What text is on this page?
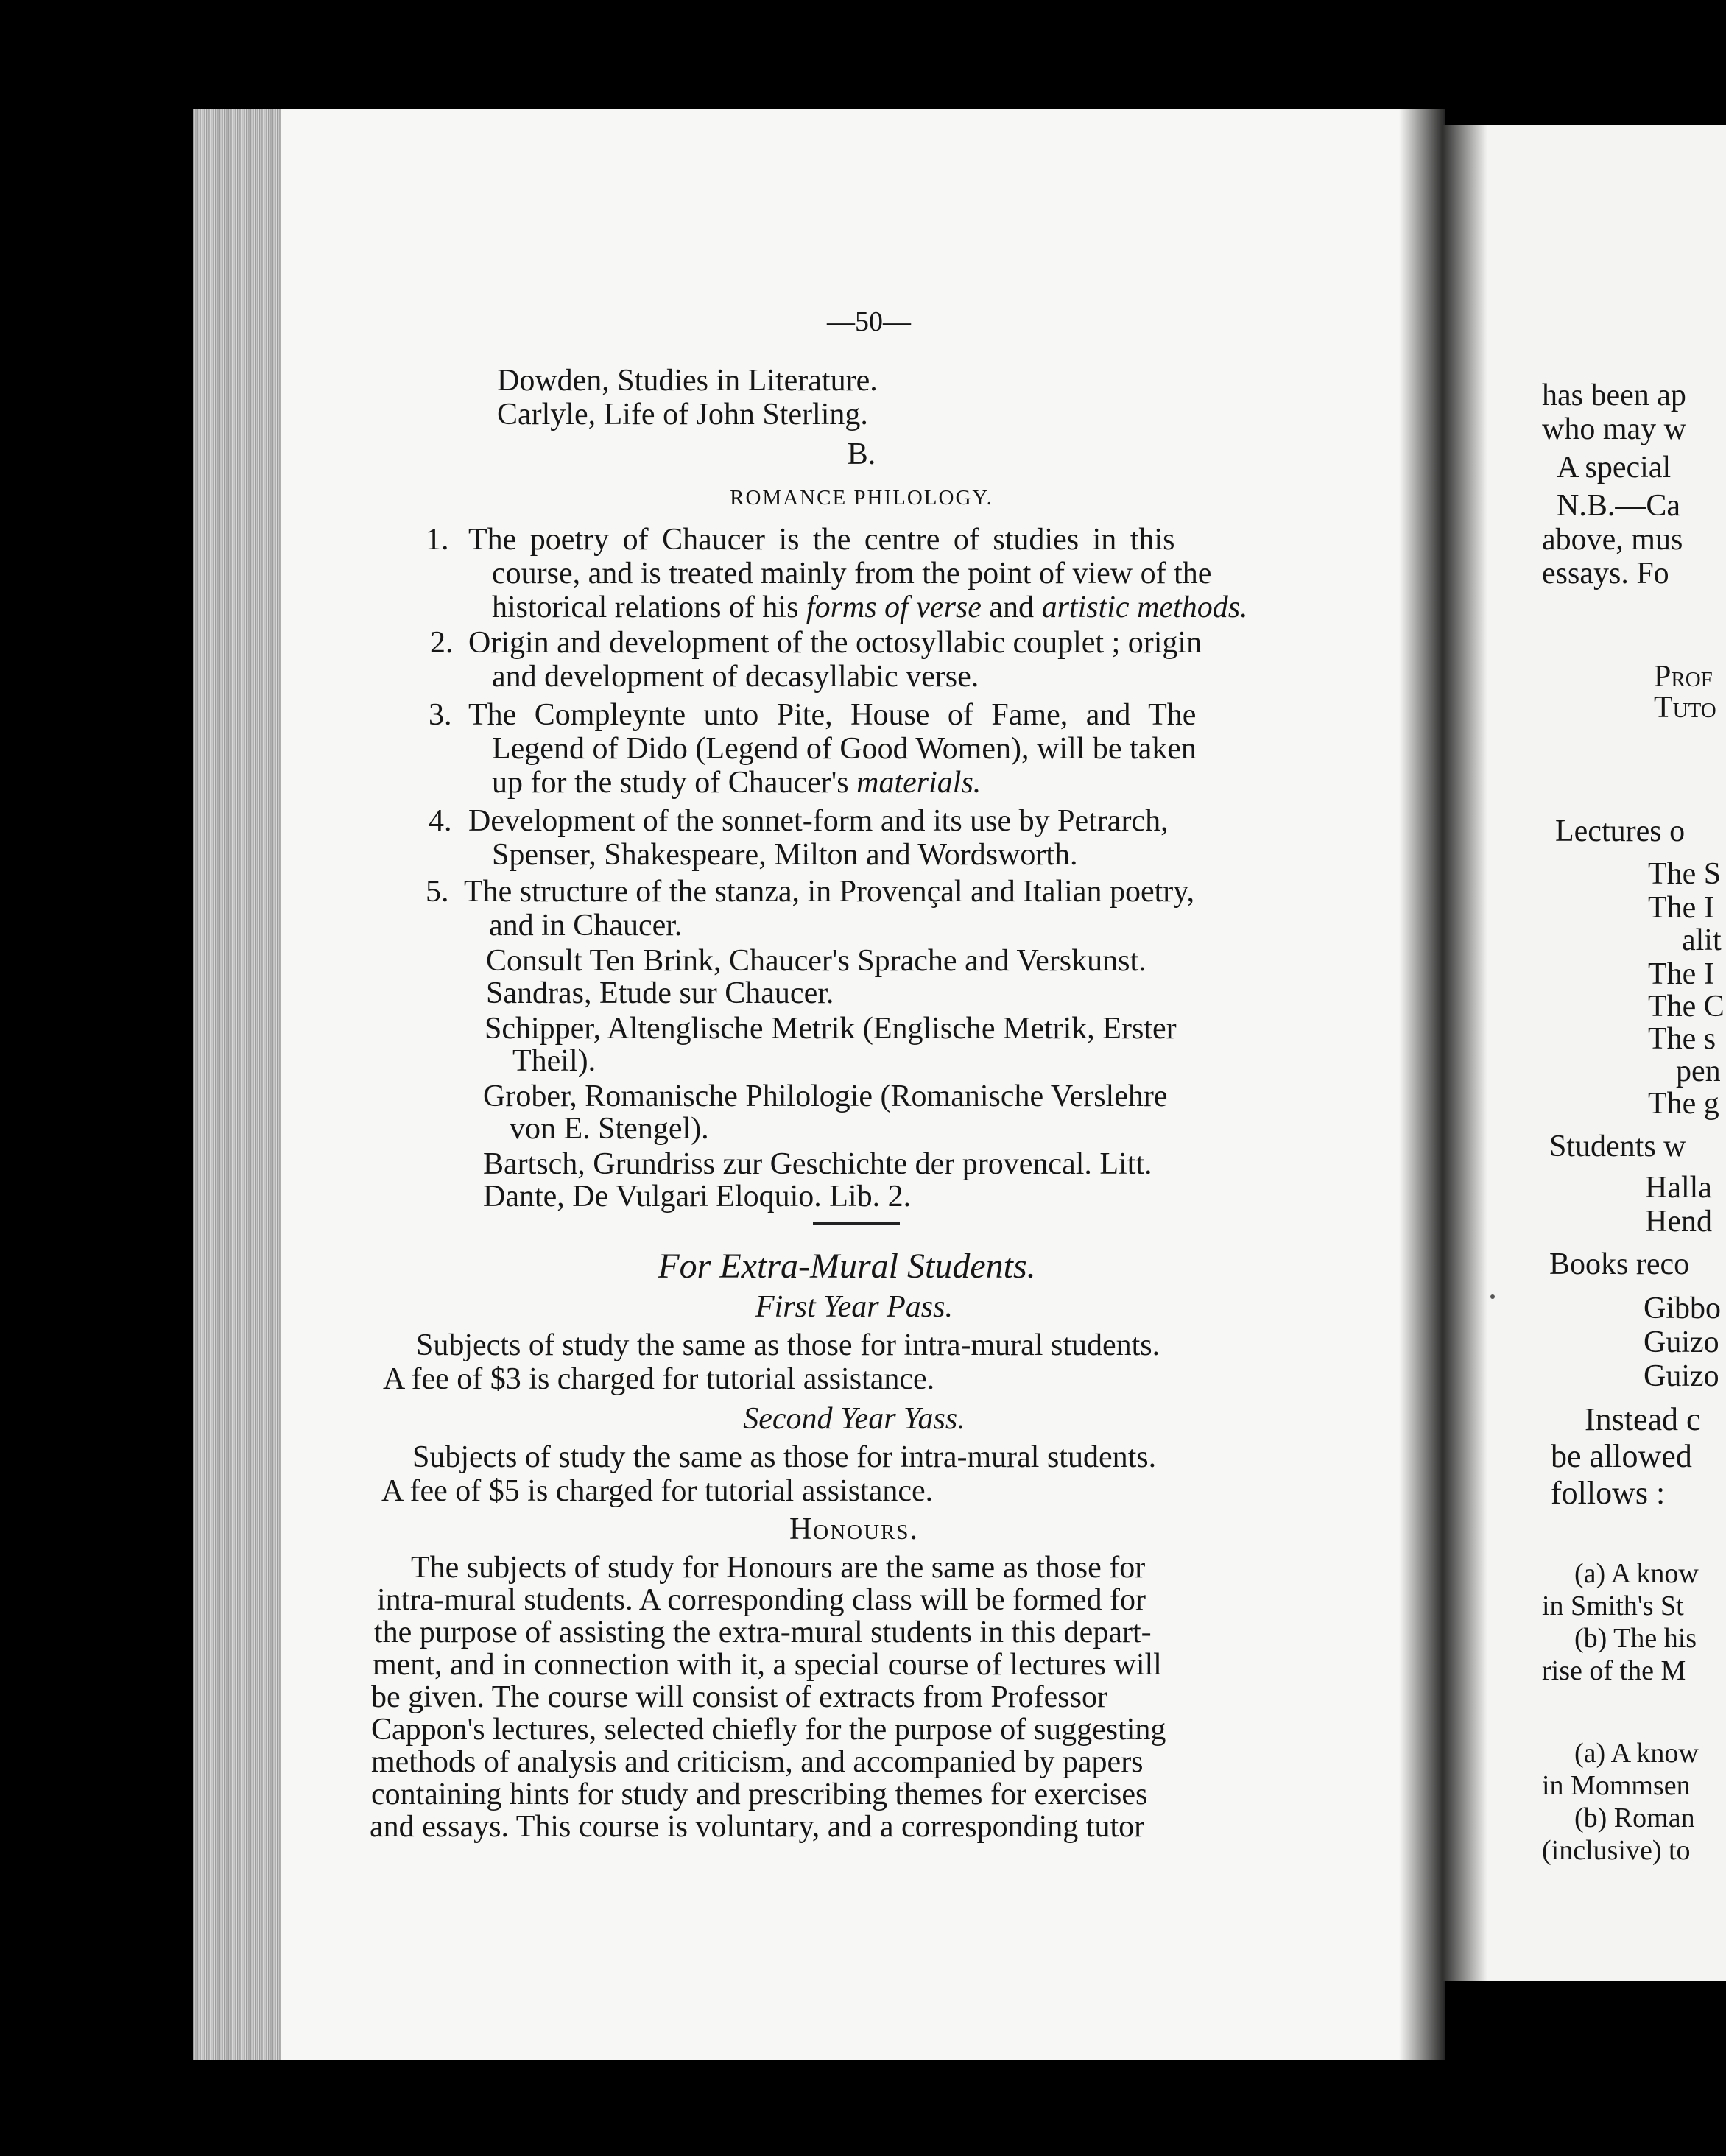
—50—
Dowden, Studies in Literature.
Carlyle, Life of John Sterling.
B.
ROMANCE PHILOLOGY.
1. The poetry of Chaucer is the centre of studies in this
course, and is treated mainly from the point of view of the
historical relations of his forms of verse and artistic methods.
2. Origin and development of the octosyllabic couplet ; origin
and development of decasyllabic verse.
3. The Compleynte unto Pite, House of Fame, and The
Legend of Dido (Legend of Good Women), will be taken
up for the study of Chaucer's materials.
4. Development of the sonnet-form and its use by Petrarch,
Spenser, Shakespeare, Milton and Wordsworth.
5. The structure of the stanza, in Provençal and Italian poetry,
and in Chaucer.
Consult Ten Brink, Chaucer's Sprache and Verskunst.
Sandras, Etude sur Chaucer.
Schipper, Altenglische Metrik (Englische Metrik, Erster
Theil).
Grober, Romanische Philologie (Romanische Verslehre
von E. Stengel).
Bartsch, Grundriss zur Geschichte der provencal. Litt.
Dante, De Vulgari Eloquio. Lib. 2.
For Extra-Mural Students.
First Year Pass.
Subjects of study the same as those for intra-mural students.
A fee of $3 is charged for tutorial assistance.
Second Year Yass.
Subjects of study the same as those for intra-mural students.
A fee of $5 is charged for tutorial assistance.
Honours.
The subjects of study for Honours are the same as those for
intra-mural students. A corresponding class will be formed for
the purpose of assisting the extra-mural students in this depart-
ment, and in connection with it, a special course of lectures will
be given. The course will consist of extracts from Professor
Cappon's lectures, selected chiefly for the purpose of suggesting
methods of analysis and criticism, and accompanied by papers
containing hints for study and prescribing themes for exercises
and essays. This course is voluntary, and a corresponding tutor
has been ap
who may w
A special
N.B.—Ca
above, mus
essays. Fo
Prof
Tuto
Lectures o
The S
The I
alit
The I
The C
The s
pen
The g
Students w
Halla
Hend
Books reco
Gibbo
Guizo
Guizo
Instead c
be allowed
follows :
(a) A know
in Smith's St
(b) The his
rise of the M
(a) A know
in Mommsen
(b) Roman
(inclusive) to
